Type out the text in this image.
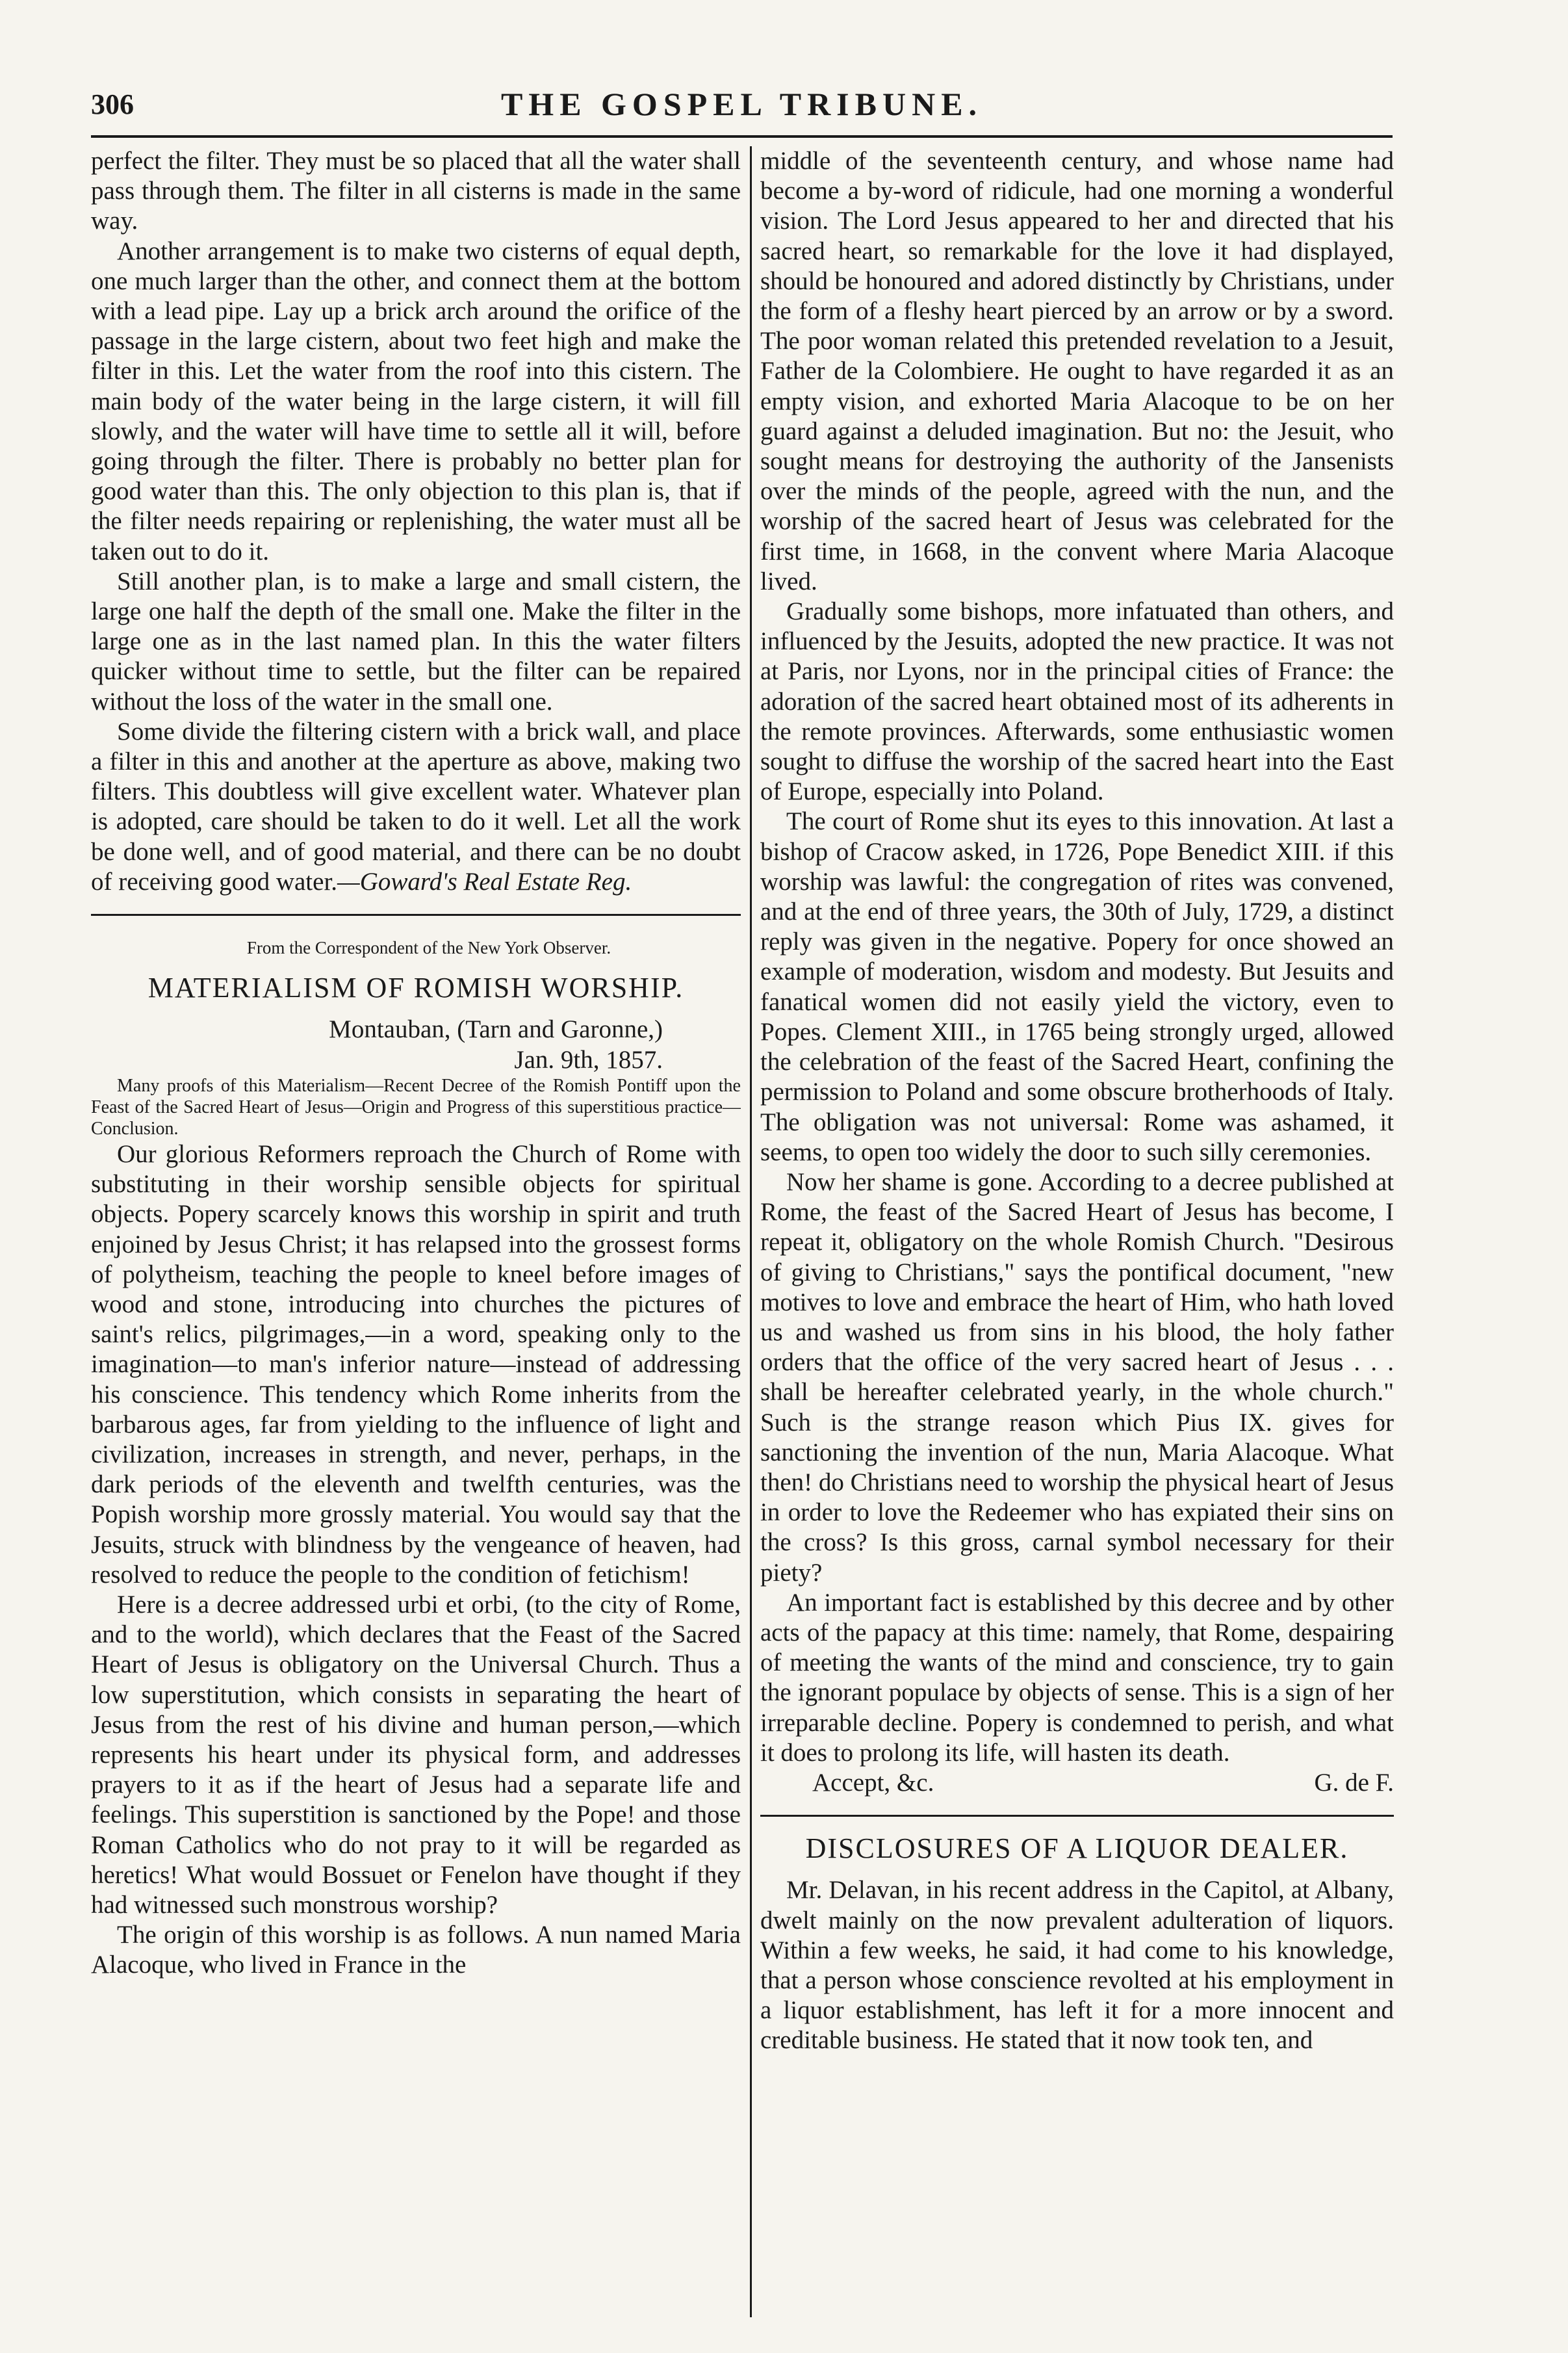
306	THE GOSPEL TRIBUNE.

perfect the filter. They must be so placed that all the water shall pass through them. The filter in all cisterns is made in the same way.

Another arrangement is to make two cisterns of equal depth, one much larger than the other, and connect them at the bottom with a lead pipe. Lay up a brick arch around the orifice of the passage in the large cistern, about two feet high and make the filter in this. Let the water from the roof into this cistern. The main body of the water being in the large cistern, it will fill slowly, and the water will have time to settle all it will, before going through the filter. There is probably no better plan for good water than this. The only objection to this plan is, that if the filter needs repairing or replenishing, the water must all be taken out to do it.

Still another plan, is to make a large and small cistern, the large one half the depth of the small one. Make the filter in the large one as in the last named plan. In this the water filters quicker without time to settle, but the filter can be repaired without the loss of the water in the small one.

Some divide the filtering cistern with a brick wall, and place a filter in this and another at the aperture as above, making two filters. This doubtless will give excellent water. Whatever plan is adopted, care should be taken to do it well. Let all the work be done well, and of good material, and there can be no doubt of receiving good water.—Goward's Real Estate Reg.

From the Correspondent of the New York Observer.

MATERIALISM OF ROMISH WORSHIP.

Montauban, (Tarn and Garonne,)

Jan. 9th, 1857.

Many proofs of this Materialism—Recent Decree of the Romish Pontiff upon the Feast of the Sacred Heart of Jesus—Origin and Progress of this superstitious practice—Conclusion.

Our glorious Reformers reproach the Church of Rome with substituting in their worship sensible objects for spiritual objects. Popery scarcely knows this worship in spirit and truth enjoined by Jesus Christ; it has relapsed into the grossest forms of polytheism, teaching the people to kneel before images of wood and stone, introducing into churches the pictures of saint's relics, pilgrimages,—in a word, speaking only to the imagination—to man's inferior nature—instead of addressing his conscience. This tendency which Rome inherits from the barbarous ages, far from yielding to the influence of light and civilization, increases in strength, and never, perhaps, in the dark periods of the eleventh and twelfth centuries, was the Popish worship more grossly material. You would say that the Jesuits, struck with blindness by the vengeance of heaven, had resolved to reduce the people to the condition of fetichism!

Here is a decree addressed urbi et orbi, (to the city of Rome, and to the world), which declares that the Feast of the Sacred Heart of Jesus is obligatory on the Universal Church. Thus a low superstitution, which consists in separating the heart of Jesus from the rest of his divine and human person,—which represents his heart under its physical form, and addresses prayers to it as if the heart of Jesus had a separate life and feelings. This superstition is sanctioned by the Pope! and those Roman Catholics who do not pray to it will be regarded as heretics! What would Bossuet or Fenelon have thought if they had witnessed such monstrous worship?

The origin of this worship is as follows. A nun named Maria Alacoque, who lived in France in the

middle of the seventeenth century, and whose name had become a by-word of ridicule, had one morning a wonderful vision. The Lord Jesus appeared to her and directed that his sacred heart, so remarkable for the love it had displayed, should be honoured and adored distinctly by Christians, under the form of a fleshy heart pierced by an arrow or by a sword. The poor woman related this pretended revelation to a Jesuit, Father de la Colombiere. He ought to have regarded it as an empty vision, and exhorted Maria Alacoque to be on her guard against a deluded imagination. But no: the Jesuit, who sought means for destroying the authority of the Jansenists over the minds of the people, agreed with the nun, and the worship of the sacred heart of Jesus was celebrated for the first time, in 1668, in the convent where Maria Alacoque lived.

Gradually some bishops, more infatuated than others, and influenced by the Jesuits, adopted the new practice. It was not at Paris, nor Lyons, nor in the principal cities of France: the adoration of the sacred heart obtained most of its adherents in the remote provinces. Afterwards, some enthusiastic women sought to diffuse the worship of the sacred heart into the East of Europe, especially into Poland.

The court of Rome shut its eyes to this innovation. At last a bishop of Cracow asked, in 1726, Pope Benedict XIII. if this worship was lawful: the congregation of rites was convened, and at the end of three years, the 30th of July, 1729, a distinct reply was given in the negative. Popery for once showed an example of moderation, wisdom and modesty. But Jesuits and fanatical women did not easily yield the victory, even to Popes. Clement XIII., in 1765 being strongly urged, allowed the celebration of the feast of the Sacred Heart, confining the permission to Poland and some obscure brotherhoods of Italy. The obligation was not universal: Rome was ashamed, it seems, to open too widely the door to such silly ceremonies.

Now her shame is gone. According to a decree published at Rome, the feast of the Sacred Heart of Jesus has become, I repeat it, obligatory on the whole Romish Church. "Desirous of giving to Christians," says the pontifical document, "new motives to love and embrace the heart of Him, who hath loved us and washed us from sins in his blood, the holy father orders that the office of the very sacred heart of Jesus . . . shall be hereafter celebrated yearly, in the whole church." Such is the strange reason which Pius IX. gives for sanctioning the invention of the nun, Maria Alacoque. What then! do Christians need to worship the physical heart of Jesus in order to love the Redeemer who has expiated their sins on the cross? Is this gross, carnal symbol necessary for their piety?

An important fact is established by this decree and by other acts of the papacy at this time: namely, that Rome, despairing of meeting the wants of the mind and conscience, try to gain the ignorant populace by objects of sense. This is a sign of her irreparable decline. Popery is condemned to perish, and what it does to prolong its life, will hasten its death.

Accept, &c.	G. de F.

DISCLOSURES OF A LIQUOR DEALER.

Mr. Delavan, in his recent address in the Capitol, at Albany, dwelt mainly on the now prevalent adulteration of liquors. Within a few weeks, he said, it had come to his knowledge, that a person whose conscience revolted at his employment in a liquor establishment, has left it for a more innocent and creditable business. He stated that it now took ten, and
